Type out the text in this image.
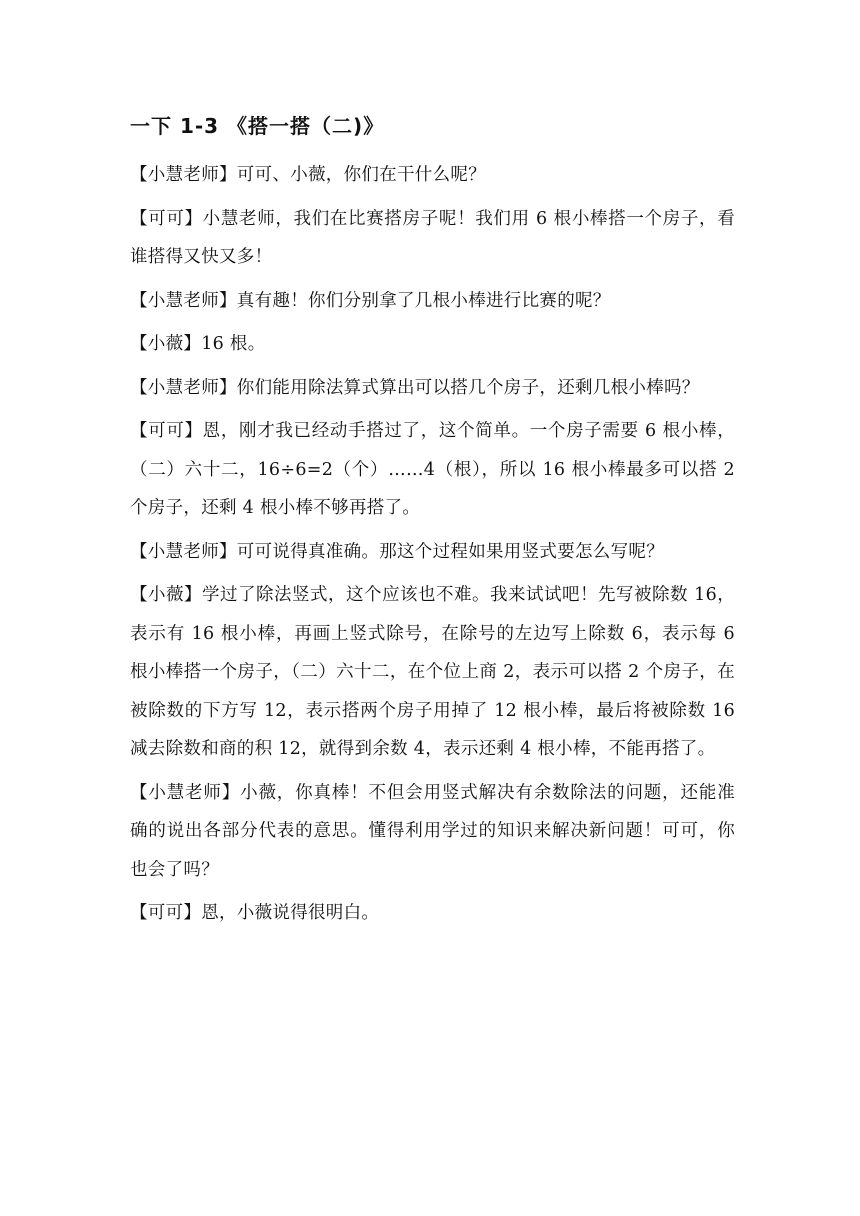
一下 1-3 《搭一搭（二)》

【小慧老师】可可、小薇，你们在干什么呢？

【可可】小慧老师，我们在比赛搭房子呢！我们用 6 根小棒搭一个房子，看谁搭得又快又多！

【小慧老师】真有趣！你们分别拿了几根小棒进行比赛的呢？

【小薇】16 根。

【小慧老师】你们能用除法算式算出可以搭几个房子，还剩几根小棒吗？

【可可】恩，刚才我已经动手搭过了，这个简单。一个房子需要 6 根小棒，（二）六十二，16÷6=2（个）……4（根），所以 16 根小棒最多可以搭 2 个房子，还剩 4 根小棒不够再搭了。

【小慧老师】可可说得真准确。那这个过程如果用竖式要怎么写呢？

【小薇】学过了除法竖式，这个应该也不难。我来试试吧！先写被除数 16，表示有 16 根小棒，再画上竖式除号，在除号的左边写上除数 6，表示每 6 根小棒搭一个房子，（二）六十二，在个位上商 2，表示可以搭 2 个房子，在被除数的下方写 12，表示搭两个房子用掉了 12 根小棒，最后将被除数 16 减去除数和商的积 12，就得到余数 4，表示还剩 4 根小棒，不能再搭了。

【小慧老师】小薇，你真棒！不但会用竖式解决有余数除法的问题，还能准确的说出各部分代表的意思。懂得利用学过的知识来解决新问题！可可，你也会了吗？

【可可】恩，小薇说得很明白。
